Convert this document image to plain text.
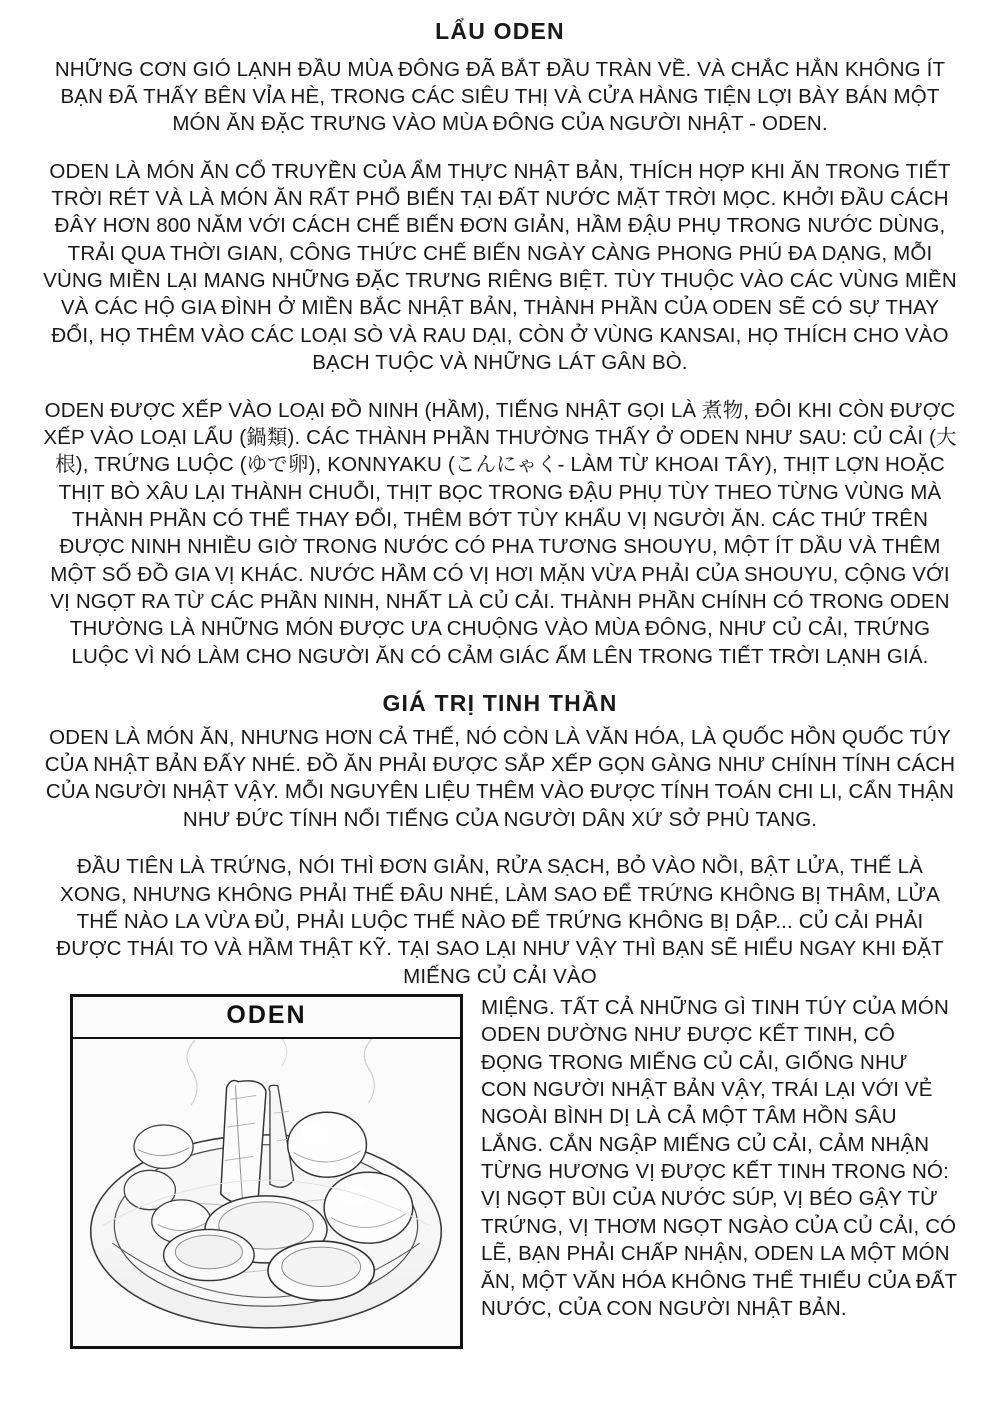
LẨU ODEN

NHỮNG CƠN GIÓ LẠNH ĐẦU MÙA ĐÔNG ĐÃ BẮT ĐẦU TRÀN VỀ. VÀ CHẮC HẲN KHÔNG ÍT BẠN ĐÃ THẤY BÊN VỈA HÈ, TRONG CÁC SIÊU THỊ VÀ CỬA HÀNG TIỆN LỢI BÀY BÁN MỘT MÓN ĂN ĐẶC TRƯNG VÀO MÙA ĐÔNG CỦA NGƯỜI NHẬT - ODEN.

ODEN LÀ MÓN ĂN CỔ TRUYỀN CỦA ẨM THỰC NHẬT BẢN, THÍCH HỢP KHI ĂN TRONG TIẾT TRỜI RÉT VÀ LÀ MÓN ĂN RẤT PHỔ BIẾN TẠI ĐẤT NƯỚC MẶT TRỜI MỌC. KHỞI ĐẦU CÁCH ĐÂY HƠN 800 NĂM VỚI CÁCH CHẾ BIẾN ĐƠN GIẢN, HẦM ĐẬU PHỤ TRONG NƯỚC DÙNG, TRẢI QUA THỜI GIAN, CÔNG THỨC CHẾ BIẾN NGÀY CÀNG PHONG PHÚ ĐA DẠNG, MỖI VÙNG MIỀN LẠI MANG NHỮNG ĐẶC TRƯNG RIÊNG BIỆT. TÙY THUỘC VÀO CÁC VÙNG MIỀN VÀ CÁC HỘ GIA ĐÌNH Ở MIỀN BẮC NHẬT BẢN, THÀNH PHẦN CỦA ODEN SẼ CÓ SỰ THAY ĐỔI, HỌ THÊM VÀO CÁC LOẠI SÒ VÀ RAU DẠI, CÒN Ở VÙNG KANSAI, HỌ THÍCH CHO VÀO BẠCH TUỘC VÀ NHỮNG LÁT GÂN BÒ.

ODEN ĐƯỢC XẾP VÀO LOẠI ĐỒ NINH (HẦM), TIẾNG NHẬT GỌI LÀ 煮物, ĐÔI KHI CÒN ĐƯỢC XẾP VÀO LOẠI LẨU (鍋類). CÁC THÀNH PHẦN THƯỜNG THẤY Ở ODEN NHƯ SAU: CỦ CẢI (大根), TRỨNG LUỘC (ゆで卵), KONNYAKU (こんにゃく- LÀM TỪ KHOAI TÂY), THỊT LỢN HOẶC THỊT BÒ XÂU LẠI THÀNH CHUỖI, THỊT BỌC TRONG ĐẬU PHỤ TÙY THEO TỪNG VÙNG MÀ THÀNH PHẦN CÓ THỂ THAY ĐỔI, THÊM BỚT TÙY KHẨU VỊ NGƯỜI ĂN. CÁC THỨ TRÊN ĐƯỢC NINH NHIỀU GIỜ TRONG NƯỚC CÓ PHA TƯƠNG SHOUYU, MỘT ÍT DẦU VÀ THÊM MỘT SỐ ĐỒ GIA VỊ KHÁC. NƯỚC HẦM CÓ VỊ HƠI MẶN VỪA PHẢI CỦA SHOUYU, CỘNG VỚI VỊ NGỌT RA TỪ CÁC PHẦN NINH, NHẤT LÀ CỦ CẢI. THÀNH PHẦN CHÍNH CÓ TRONG ODEN THƯỜNG LÀ NHỮNG MÓN ĐƯỢC ƯA CHUỘNG VÀO MÙA ĐÔNG, NHƯ CỦ CẢI, TRỨNG LUỘC VÌ NÓ LÀM CHO NGƯỜI ĂN CÓ CẢM GIÁC ẤM LÊN TRONG TIẾT TRỜI LẠNH GIÁ.

GIÁ TRỊ TINH THẦN

ODEN LÀ MÓN ĂN, NHƯNG HƠN CẢ THẾ, NÓ CÒN LÀ VĂN HÓA, LÀ QUỐC HỒN QUỐC TÚY CỦA NHẬT BẢN ĐẤY NHÉ. ĐỒ ĂN PHẢI ĐƯỢC SẮP XẾP GỌN GÀNG NHƯ CHÍNH TÍNH CÁCH CỦA NGƯỜI NHẬT VẬY. MỖI NGUYÊN LIỆU THÊM VÀO ĐƯỢC TÍNH TOÁN CHI LI, CẨN THẬN NHƯ ĐỨC TÍNH NỔI TIẾNG CỦA NGƯỜI DÂN XỨ SỞ PHÙ TANG.

ĐẦU TIÊN LÀ TRỨNG, NÓI THÌ ĐƠN GIẢN, RỬA SẠCH, BỎ VÀO NỒI, BẬT LỬA, THẾ LÀ XONG, NHƯNG KHÔNG PHẢI THẾ ĐÂU NHÉ, LÀM SAO ĐỂ TRỨNG KHÔNG BỊ THÂM, LỬA THẾ NÀO LA VỪA ĐỦ, PHẢI LUỘC THẾ NÀO ĐỂ TRỨNG KHÔNG BỊ DẬP... CỦ CẢI PHẢI ĐƯỢC THÁI TO VÀ HẦM THẬT KỸ. TẠI SAO LẠI NHƯ VẬY THÌ BẠN SẼ HIỂU NGAY KHI ĐẶT MIẾNG CỦ CẢI VÀO

ODEN	MIỆNG. TẤT CẢ NHỮNG GÌ TINH TÚY CỦA MÓN ODEN DƯỜNG NHƯ ĐƯỢC KẾT TINH, CÔ ĐỌNG TRONG MIẾNG CỦ CẢI, GIỐNG NHƯ CON NGƯỜI NHẬT BẢN VẬY, TRÁI LẠI VỚI VẺ NGOÀI BÌNH DỊ LÀ CẢ MỘT TÂM HỒN SÂU LẮNG. CẮN NGẬP MIẾNG CỦ CẢI, CẢM NHẬN TỪNG HƯƠNG VỊ ĐƯỢC KẾT TINH TRONG NÓ: VỊ NGỌT BÙI CỦA NƯỚC SÚP, VỊ BÉO GẬY TỪ TRỨNG, VỊ THƠM NGỌT NGÀO CỦA CỦ CẢI, CÓ LẼ, BẠN PHẢI CHẤP NHẬN, ODEN LA MỘT MÓN ĂN, MỘT VĂN HÓA KHÔNG THỂ THIẾU CỦA ĐẤT NƯỚC, CỦA CON NGƯỜI NHẬT BẢN.
